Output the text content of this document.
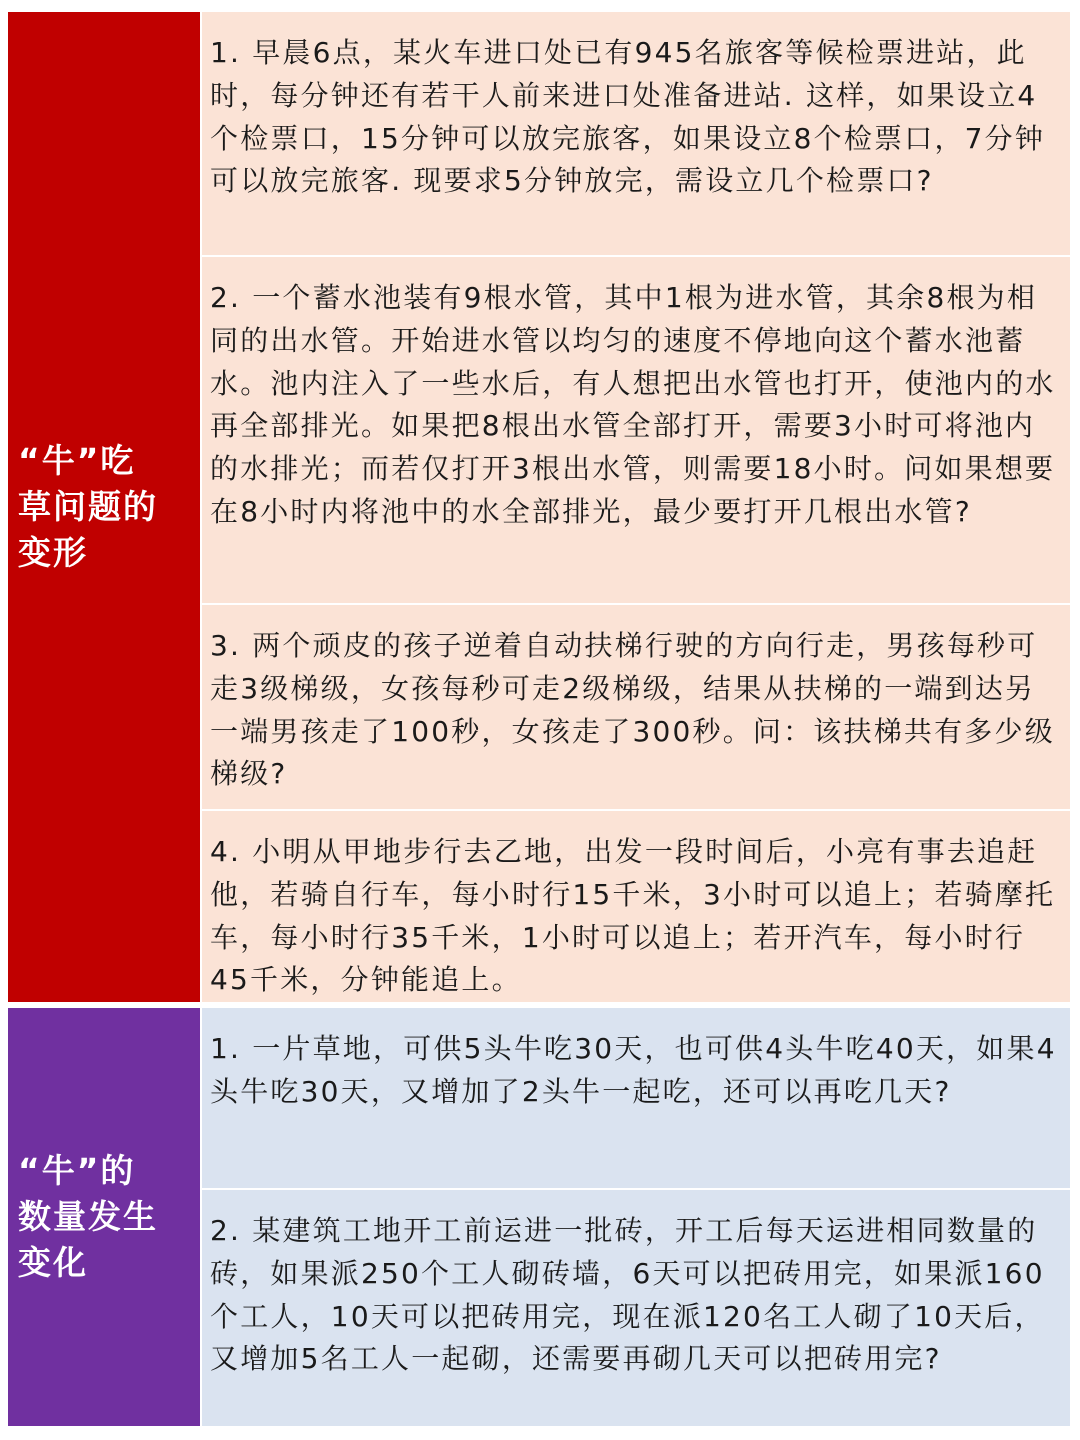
“牛”吃
草问题的
变形
1. 早晨6点，某火车进口处已有945名旅客等候检票进站，此时，每分钟还有若干人前来进口处准备进站. 这样，如果设立4个检票口，15分钟可以放完旅客，如果设立8个检票口，7分钟可以放完旅客. 现要求5分钟放完，需设立几个检票口?
2. 一个蓄水池装有9根水管，其中1根为进水管，其余8根为相同的出水管。开始进水管以均匀的速度不停地向这个蓄水池蓄水。池内注入了一些水后，有人想把出水管也打开，使池内的水再全部排光。如果把8根出水管全部打开，需要3小时可将池内的水排光；而若仅打开3根出水管，则需要18小时。问如果想要在8小时内将池中的水全部排光，最少要打开几根出水管?
3. 两个顽皮的孩子逆着自动扶梯行驶的方向行走，男孩每秒可走3级梯级，女孩每秒可走2级梯级，结果从扶梯的一端到达另一端男孩走了100秒，女孩走了300秒。问：该扶梯共有多少级梯级?
4. 小明从甲地步行去乙地，出发一段时间后，小亮有事去追赶他，若骑自行车，每小时行15千米，3小时可以追上；若骑摩托车，每小时行35千米，1小时可以追上；若开汽车，每小时行45千米，分钟能追上。
“牛”的
数量发生
变化
1. 一片草地，可供5头牛吃30天，也可供4头牛吃40天，如果4头牛吃30天，又增加了2头牛一起吃，还可以再吃几天?
2. 某建筑工地开工前运进一批砖，开工后每天运进相同数量的砖，如果派250个工人砌砖墙，6天可以把砖用完，如果派160个工人，10天可以把砖用完，现在派120名工人砌了10天后，又增加5名工人一起砌，还需要再砌几天可以把砖用完?
